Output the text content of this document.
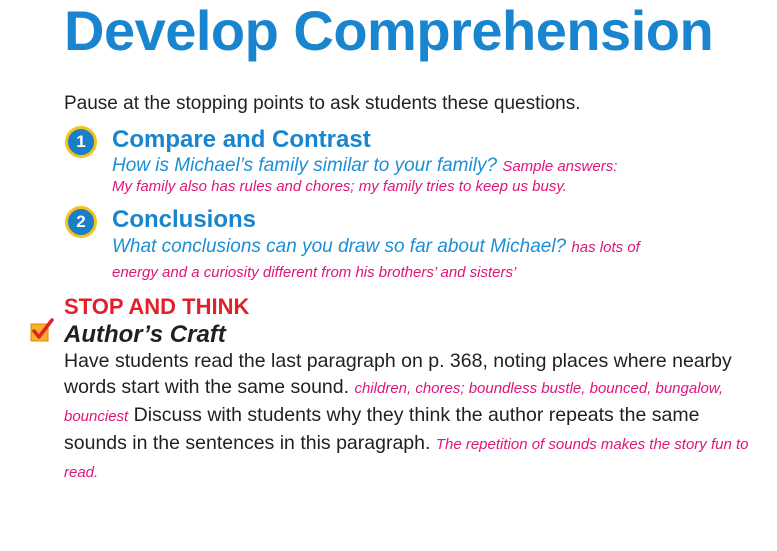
Develop Comprehension
Pause at the stopping points to ask students these questions.
1	Compare and Contrast
How is Michael’s family similar to your family? Sample answers:
My family also has rules and chores; my family tries to keep us busy.
2	Conclusions
What conclusions can you draw so far about Michael? has lots of
energy and a curiosity different from his brothers’ and sisters’
STOP AND THINK
Author’s Craft
Have students read the last paragraph on p. 368, noting places where nearby words start with the same sound. children, chores; boundless bustle, bounced, bungalow, bounciest Discuss with students why they think the author repeats the same sounds in the sentences in this paragraph. The repetition of sounds makes the story fun to read.
